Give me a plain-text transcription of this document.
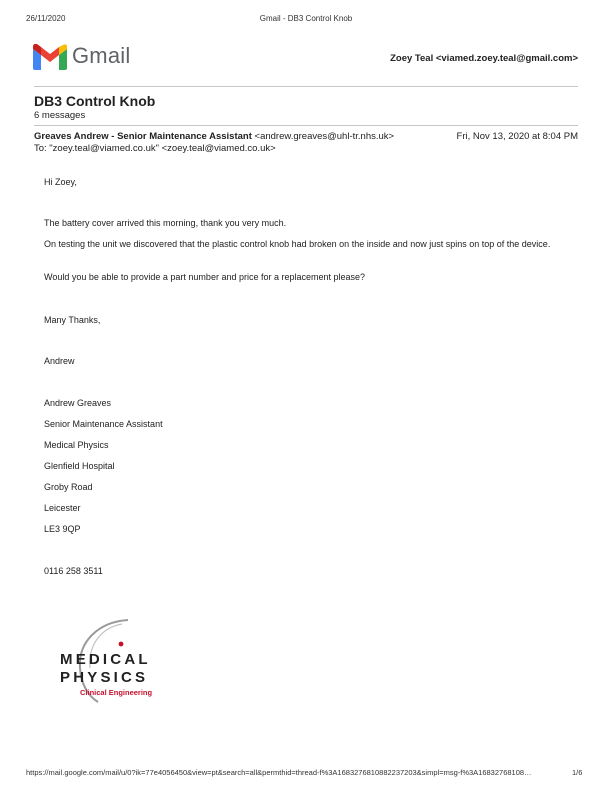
26/11/2020	Gmail - DB3 Control Knob
Gmail	Zoey Teal <viamed.zoey.teal@gmail.com>
DB3 Control Knob
6 messages
Greaves Andrew - Senior Maintenance Assistant <andrew.greaves@uhl-tr.nhs.uk>	Fri, Nov 13, 2020 at 8:04 PM
To: "zoey.teal@viamed.co.uk" <zoey.teal@viamed.co.uk>
Hi Zoey,
The battery cover arrived this morning, thank you very much.
On testing the unit we discovered that the plastic control knob had broken on the inside and now just spins on top of the device.
Would you be able to provide a part number and price for a replacement please?
Many Thanks,
Andrew
Andrew Greaves
Senior Maintenance Assistant
Medical Physics
Glenfield Hospital
Groby Road
Leicester
LE3 9QP
0116 258 3511
MEDICAL
PHYSICS
Clinical Engineering
https://mail.google.com/mail/u/0?ik=77e4056450&view=pt&search=all&permthid=thread-f%3A1683276810882237203&simpl=msg-f%3A16832768108…	1/6
